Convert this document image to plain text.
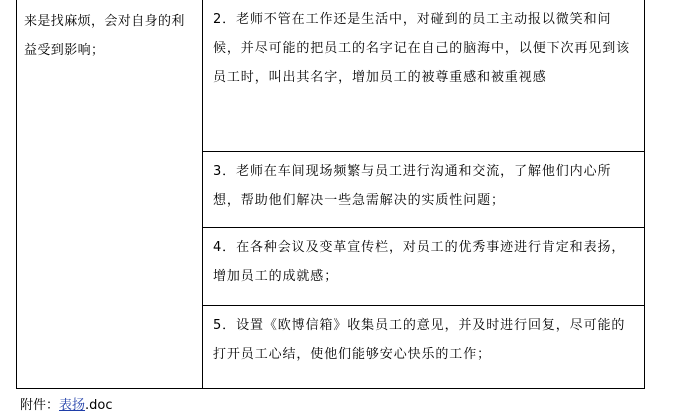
来是找麻烦，会对自身的利益受到影响；
2．老师不管在工作还是生活中，对碰到的员工主动报以微笑和问候，并尽可能的把员工的名字记在自己的脑海中，以便下次再见到该员工时，叫出其名字，增加员工的被尊重感和被重视感
3．老师在车间现场频繁与员工进行沟通和交流，了解他们内心所想，帮助他们解决一些急需解决的实质性问题；
4．在各种会议及变革宣传栏，对员工的优秀事迹进行肯定和表扬，增加员工的成就感；
5．设置《欧博信箱》收集员工的意见，并及时进行回复，尽可能的打开员工心结，使他们能够安心快乐的工作；
附件：表扬.doc
